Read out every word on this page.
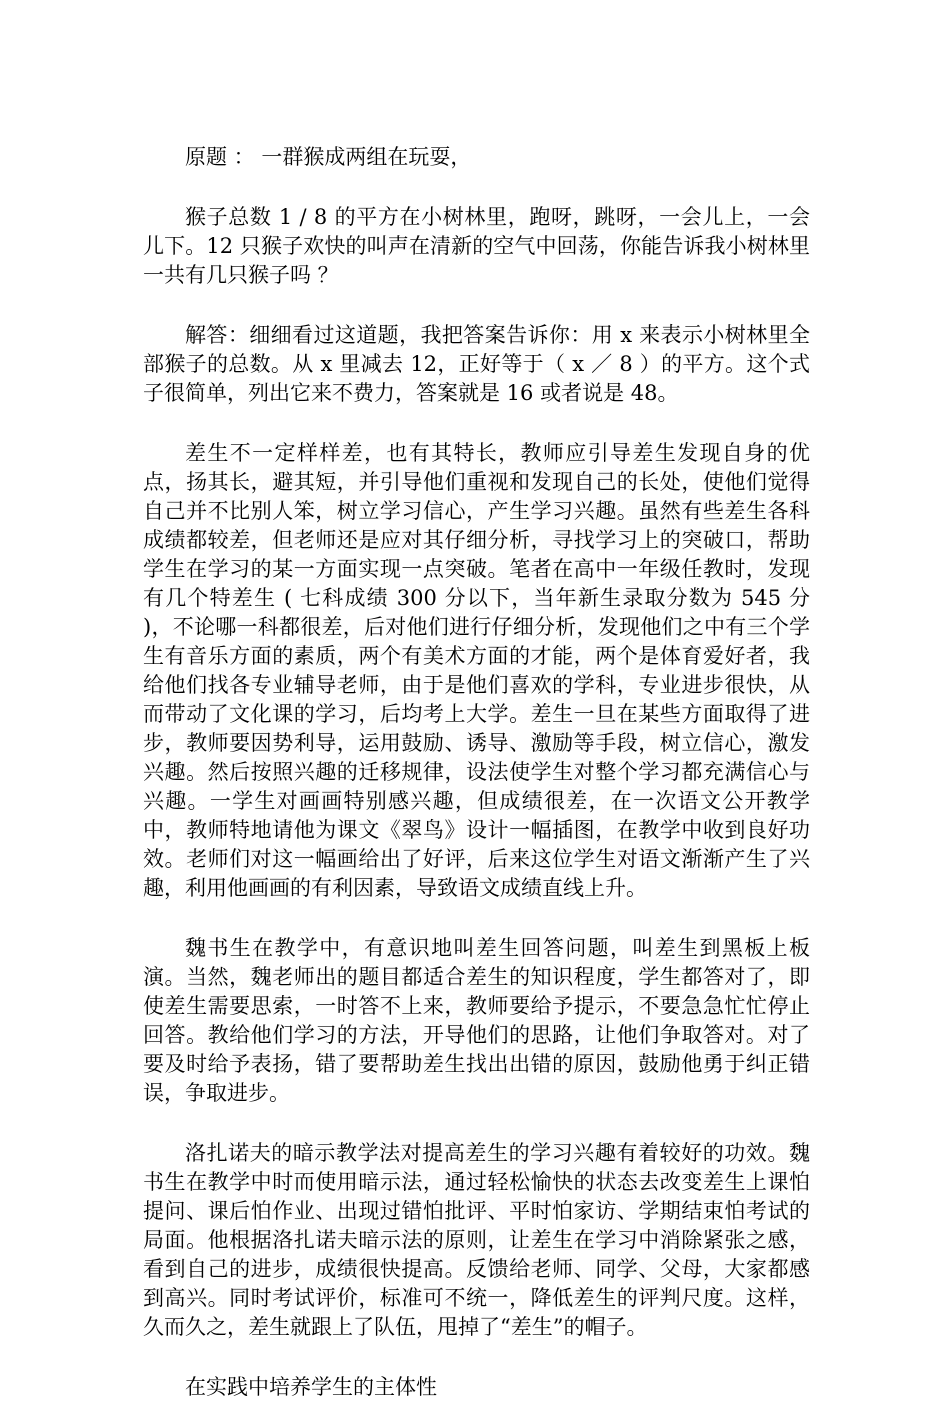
原题 ： 一群猴成两组在玩耍，

猴子总数 1 / 8 的平方在小树林里，跑呀，跳呀，一会儿上，一会儿下。12 只猴子欢快的叫声在清新的空气中回荡，你能告诉我小树林里一共有几只猴子吗 ？

解答：细细看过这道题，我把答案告诉你：用 x 来表示小树林里全部猴子的总数。从 x 里减去 12，正好等于（ x ／ 8 ）的平方。这个式子很简单，列出它来不费力，答案就是 16 或者说是 48。

差生不一定样样差，也有其特长，教师应引导差生发现自身的优点，扬其长，避其短，并引导他们重视和发现自己的长处，使他们觉得自己并不比别人笨，树立学习信心，产生学习兴趣。虽然有些差生各科成绩都较差，但老师还是应对其仔细分析，寻找学习上的突破口，帮助学生在学习的某一方面实现一点突破。笔者在高中一年级任教时，发现有几个特差生 ( 七科成绩 300 分以下，当年新生录取分数为 545 分 )，不论哪一科都很差，后对他们进行仔细分析，发现他们之中有三个学生有音乐方面的素质，两个有美术方面的才能，两个是体育爱好者，我给他们找各专业辅导老师，由于是他们喜欢的学科，专业进步很快，从而带动了文化课的学习，后均考上大学。差生一旦在某些方面取得了进步，教师要因势利导，运用鼓励、诱导、激励等手段，树立信心，激发兴趣。然后按照兴趣的迁移规律，设法使学生对整个学习都充满信心与兴趣。一学生对画画特别感兴趣，但成绩很差，在一次语文公开教学中，教师特地请他为课文《翠鸟》设计一幅插图，在教学中收到良好功效。老师们对这一幅画给出了好评，后来这位学生对语文渐渐产生了兴趣，利用他画画的有利因素，导致语文成绩直线上升。

魏书生在教学中，有意识地叫差生回答问题，叫差生到黑板上板演。当然，魏老师出的题目都适合差生的知识程度，学生都答对了，即使差生需要思索，一时答不上来，教师要给予提示，不要急急忙忙停止回答。教给他们学习的方法，开导他们的思路，让他们争取答对。对了要及时给予表扬，错了要帮助差生找出出错的原因，鼓励他勇于纠正错误，争取进步。

洛扎诺夫的暗示教学法对提高差生的学习兴趣有着较好的功效。魏书生在教学中时而使用暗示法，通过轻松愉快的状态去改变差生上课怕提问、课后怕作业、出现过错怕批评、平时怕家访、学期结束怕考试的局面。他根据洛扎诺夫暗示法的原则，让差生在学习中消除紧张之感，看到自己的进步，成绩很快提高。反馈给老师、同学、父母，大家都感到高兴。同时考试评价，标准可不统一，降低差生的评判尺度。这样，久而久之，差生就跟上了队伍，甩掉了“差生”的帽子。

在实践中培养学生的主体性
